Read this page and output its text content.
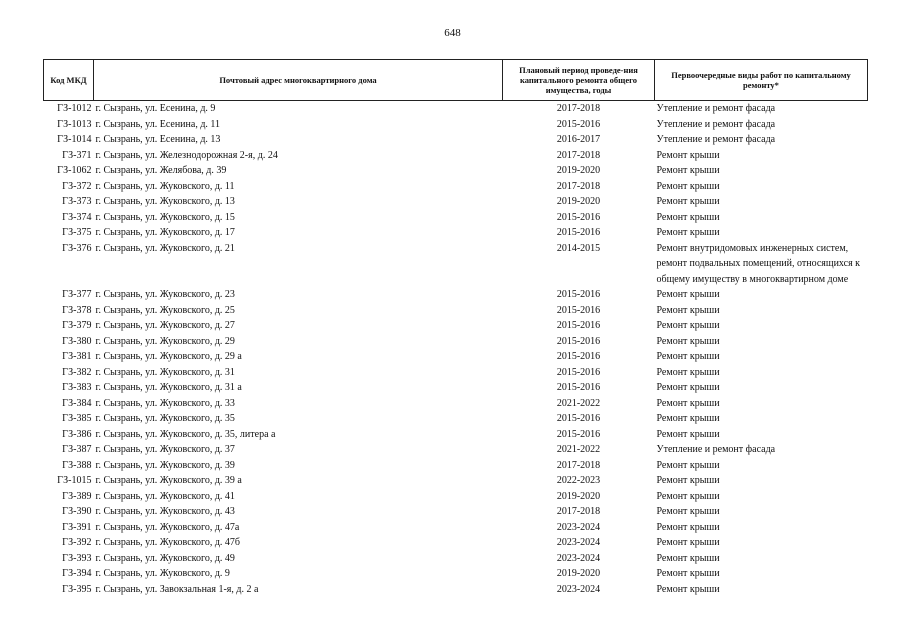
648
Код МКД	Почтовый адрес многоквартирного дома	Плановый период проведе-ния капитального ремонта общего имущества, годы	Первоочередные виды работ по капитальному ремонту*
ГЗ-1012	г. Сызрань, ул. Есенина, д. 9	2017-2018	Утепление и ремонт фасада
ГЗ-1013	г. Сызрань, ул. Есенина, д. 11	2015-2016	Утепление и ремонт фасада
ГЗ-1014	г. Сызрань, ул. Есенина, д. 13	2016-2017	Утепление и ремонт фасада
ГЗ-371	г. Сызрань, ул. Железнодорожная 2-я, д. 24	2017-2018	Ремонт крыши
ГЗ-1062	г. Сызрань, ул. Желябова, д. 39	2019-2020	Ремонт крыши
ГЗ-372	г. Сызрань, ул. Жуковского, д. 11	2017-2018	Ремонт крыши
ГЗ-373	г. Сызрань, ул. Жуковского, д. 13	2019-2020	Ремонт крыши
ГЗ-374	г. Сызрань, ул. Жуковского, д. 15	2015-2016	Ремонт крыши
ГЗ-375	г. Сызрань, ул. Жуковского, д. 17	2015-2016	Ремонт крыши
ГЗ-376	г. Сызрань, ул. Жуковского, д. 21	2014-2015	Ремонт внутридомовых инженерных систем, ремонт подвальных помещений, относящихся к общему имуществу в многоквартирном доме
ГЗ-377	г. Сызрань, ул. Жуковского, д. 23	2015-2016	Ремонт крыши
ГЗ-378	г. Сызрань, ул. Жуковского, д. 25	2015-2016	Ремонт крыши
ГЗ-379	г. Сызрань, ул. Жуковского, д. 27	2015-2016	Ремонт крыши
ГЗ-380	г. Сызрань, ул. Жуковского, д. 29	2015-2016	Ремонт крыши
ГЗ-381	г. Сызрань, ул. Жуковского, д. 29 а	2015-2016	Ремонт крыши
ГЗ-382	г. Сызрань, ул. Жуковского, д. 31	2015-2016	Ремонт крыши
ГЗ-383	г. Сызрань, ул. Жуковского, д. 31 а	2015-2016	Ремонт крыши
ГЗ-384	г. Сызрань, ул. Жуковского, д. 33	2021-2022	Ремонт крыши
ГЗ-385	г. Сызрань, ул. Жуковского, д. 35	2015-2016	Ремонт крыши
ГЗ-386	г. Сызрань, ул. Жуковского, д. 35, литера а	2015-2016	Ремонт крыши
ГЗ-387	г. Сызрань, ул. Жуковского, д. 37	2021-2022	Утепление и ремонт фасада
ГЗ-388	г. Сызрань, ул. Жуковского, д. 39	2017-2018	Ремонт крыши
ГЗ-1015	г. Сызрань, ул. Жуковского, д. 39 а	2022-2023	Ремонт крыши
ГЗ-389	г. Сызрань, ул. Жуковского, д. 41	2019-2020	Ремонт крыши
ГЗ-390	г. Сызрань, ул. Жуковского, д. 43	2017-2018	Ремонт крыши
ГЗ-391	г. Сызрань, ул. Жуковского, д. 47а	2023-2024	Ремонт крыши
ГЗ-392	г. Сызрань, ул. Жуковского, д. 47б	2023-2024	Ремонт крыши
ГЗ-393	г. Сызрань, ул. Жуковского, д. 49	2023-2024	Ремонт крыши
ГЗ-394	г. Сызрань, ул. Жуковского, д. 9	2019-2020	Ремонт крыши
ГЗ-395	г. Сызрань, ул. Завокзальная 1-я, д. 2 а	2023-2024	Ремонт крыши
